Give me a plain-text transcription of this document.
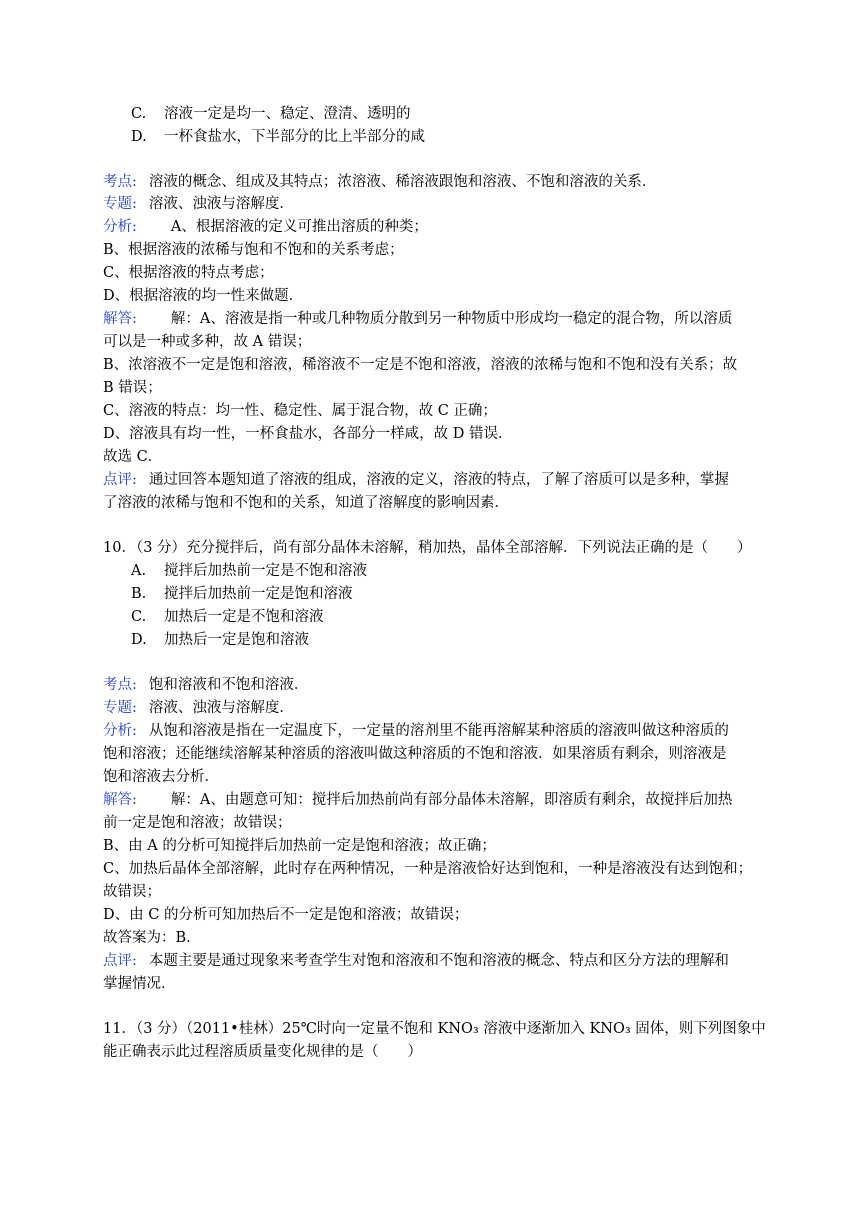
C. 溶液一定是均一、稳定、澄清、透明的
D. 一杯食盐水，下半部分的比上半部分的咸
考点: 溶液的概念、组成及其特点；浓溶液、稀溶液跟饱和溶液、不饱和溶液的关系．
专题: 溶液、浊液与溶解度．
分析: A、根据溶液的定义可推出溶质的种类；
B、根据溶液的浓稀与饱和不饱和的关系考虑；
C、根据溶液的特点考虑；
D、根据溶液的均一性来做题．
解答: 解：A、溶液是指一种或几种物质分散到另一种物质中形成均一稳定的混合物，所以溶质
可以是一种或多种，故 A 错误；
B、浓溶液不一定是饱和溶液，稀溶液不一定是不饱和溶液，溶液的浓稀与饱和不饱和没有关系；故
B 错误；
C、溶液的特点：均一性、稳定性、属于混合物，故 C 正确；
D、溶液具有均一性，一杯食盐水，各部分一样咸，故 D 错误．
故选 C．
点评: 通过回答本题知道了溶液的组成，溶液的定义，溶液的特点，了解了溶质可以是多种，掌握
了溶液的浓稀与饱和不饱和的关系，知道了溶解度的影响因素．
10．（3 分）充分搅拌后，尚有部分晶体未溶解，稍加热，晶体全部溶解．下列说法正确的是（　　）
A. 搅拌后加热前一定是不饱和溶液
B. 搅拌后加热前一定是饱和溶液
C. 加热后一定是不饱和溶液
D. 加热后一定是饱和溶液
考点: 饱和溶液和不饱和溶液．
专题: 溶液、浊液与溶解度．
分析: 从饱和溶液是指在一定温度下，一定量的溶剂里不能再溶解某种溶质的溶液叫做这种溶质的
饱和溶液；还能继续溶解某种溶质的溶液叫做这种溶质的不饱和溶液．如果溶质有剩余，则溶液是
饱和溶液去分析．
解答: 解：A、由题意可知：搅拌后加热前尚有部分晶体未溶解，即溶质有剩余，故搅拌后加热
前一定是饱和溶液；故错误；
B、由 A 的分析可知搅拌后加热前一定是饱和溶液；故正确；
C、加热后晶体全部溶解，此时存在两种情况，一种是溶液恰好达到饱和，一种是溶液没有达到饱和；
故错误；
D、由 C 的分析可知加热后不一定是饱和溶液；故错误；
故答案为：B．
点评: 本题主要是通过现象来考查学生对饱和溶液和不饱和溶液的概念、特点和区分方法的理解和
掌握情况．
11．（3 分）（2011•桂林）25℃时向一定量不饱和 KNO₃ 溶液中逐渐加入 KNO₃ 固体，则下列图象中
能正确表示此过程溶质质量变化规律的是（　　）
